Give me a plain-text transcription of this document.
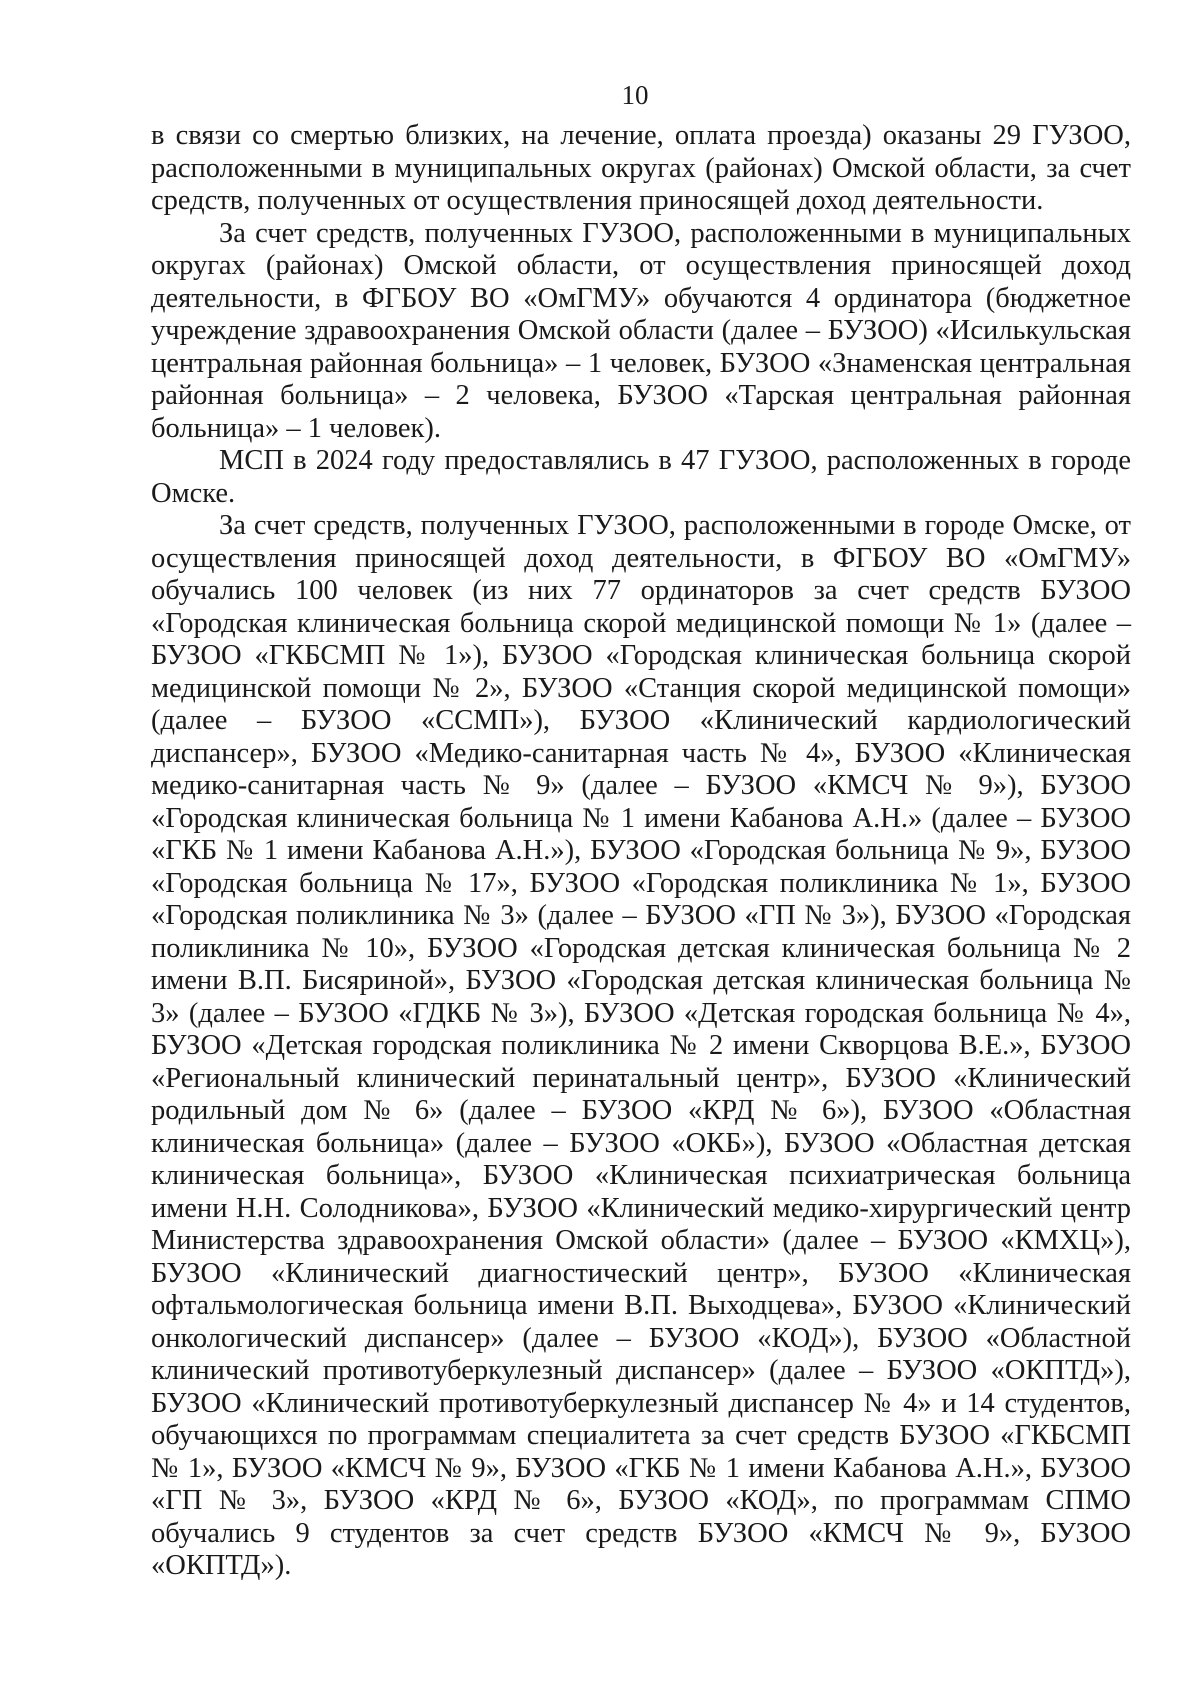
10

в связи со смертью близких, на лечение, оплата проезда) оказаны 29 ГУЗОО, расположенными в муниципальных округах (районах) Омской области, за счет средств, полученных от осуществления приносящей доход деятельности.

За счет средств, полученных ГУЗОО, расположенными в муниципальных округах (районах) Омской области, от осуществления приносящей доход деятельности, в ФГБОУ ВО «ОмГМУ» обучаются 4 ординатора (бюджетное учреждение здравоохранения Омской области (далее – БУЗОО) «Исилькульская центральная районная больница» – 1 человек, БУЗОО «Знаменская центральная районная больница» – 2 человека, БУЗОО «Тарская центральная районная больница» – 1 человек).

МСП в 2024 году предоставлялись в 47 ГУЗОО, расположенных в городе Омске.

За счет средств, полученных ГУЗОО, расположенными в городе Омске, от осуществления приносящей доход деятельности, в ФГБОУ ВО «ОмГМУ» обучались 100 человек (из них 77 ординаторов за счет средств БУЗОО «Городская клиническая больница скорой медицинской помощи № 1» (далее – БУЗОО «ГКБСМП № 1»), БУЗОО «Городская клиническая больница скорой медицинской помощи № 2», БУЗОО «Станция скорой медицинской помощи» (далее – БУЗОО «ССМП»), БУЗОО «Клинический кардиологический диспансер», БУЗОО «Медико-санитарная часть № 4», БУЗОО «Клиническая медико-санитарная часть № 9» (далее – БУЗОО «КМСЧ № 9»), БУЗОО «Городская клиническая больница № 1 имени Кабанова А.Н.» (далее – БУЗОО «ГКБ № 1 имени Кабанова А.Н.»), БУЗОО «Городская больница № 9», БУЗОО «Городская больница № 17», БУЗОО «Городская поликлиника № 1», БУЗОО «Городская поликлиника № 3» (далее – БУЗОО «ГП № 3»), БУЗОО «Городская поликлиника № 10», БУЗОО «Городская детская клиническая больница № 2 имени В.П. Бисяриной», БУЗОО «Городская детская клиническая больница № 3» (далее – БУЗОО «ГДКБ № 3»), БУЗОО «Детская городская больница № 4», БУЗОО «Детская городская поликлиника № 2 имени Скворцова В.Е.», БУЗОО «Региональный клинический перинатальный центр», БУЗОО «Клинический родильный дом № 6» (далее – БУЗОО «КРД № 6»), БУЗОО «Областная клиническая больница» (далее – БУЗОО «ОКБ»), БУЗОО «Областная детская клиническая больница», БУЗОО «Клиническая психиатрическая больница имени Н.Н. Солодникова», БУЗОО «Клинический медико-хирургический центр Министерства здравоохранения Омской области» (далее – БУЗОО «КМХЦ»), БУЗОО «Клинический диагностический центр», БУЗОО «Клиническая офтальмологическая больница имени В.П. Выходцева», БУЗОО «Клинический онкологический диспансер» (далее – БУЗОО «КОД»), БУЗОО «Областной клинический противотуберкулезный диспансер» (далее – БУЗОО «ОКПТД»), БУЗОО «Клинический противотуберкулезный диспансер № 4» и 14 студентов, обучающихся по программам специалитета за счет средств БУЗОО «ГКБСМП № 1», БУЗОО «КМСЧ № 9», БУЗОО «ГКБ № 1 имени Кабанова А.Н.», БУЗОО «ГП № 3», БУЗОО «КРД № 6», БУЗОО «КОД», по программам СПМО обучались 9 студентов за счет средств БУЗОО «КМСЧ № 9», БУЗОО «ОКПТД»).
